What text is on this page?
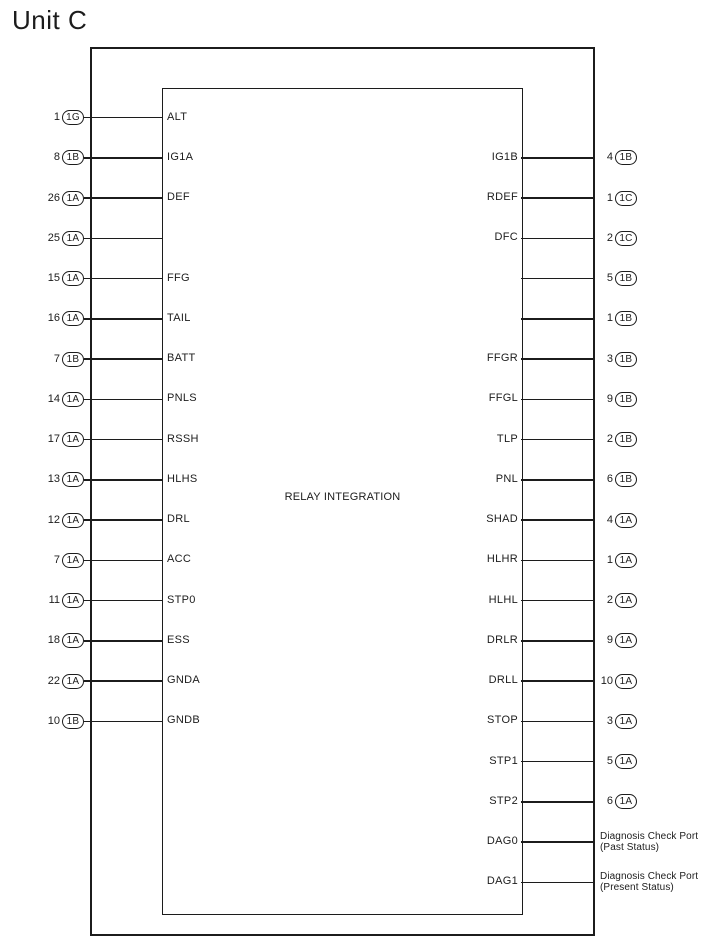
Unit C
RELAY INTEGRATION
1 1G	ALT
8 1B	IG1A
26 1A	DEF
25 1A
15 1A	FFG
16 1A	TAIL
7 1B	BATT
14 1A	PNLS
17 1A	RSSH
13 1A	HLHS
12 1A	DRL
7 1A	ACC
11 1A	STP0
18 1A	ESS
22 1A	GNDA
10 1B	GNDB
IG1B	4 1B
RDEF	1 1C
DFC	2 1C
5 1B
1 1B
FFGR	3 1B
FFGL	9 1B
TLP	2 1B
PNL	6 1B
SHAD	4 1A
HLHR	1 1A
HLHL	2 1A
DRLR	9 1A
DRLL	10 1A
STOP	3 1A
STP1	5 1A
STP2	6 1A
DAG0	Diagnosis Check Port
(Past Status)
DAG1	Diagnosis Check Port
(Present Status)
